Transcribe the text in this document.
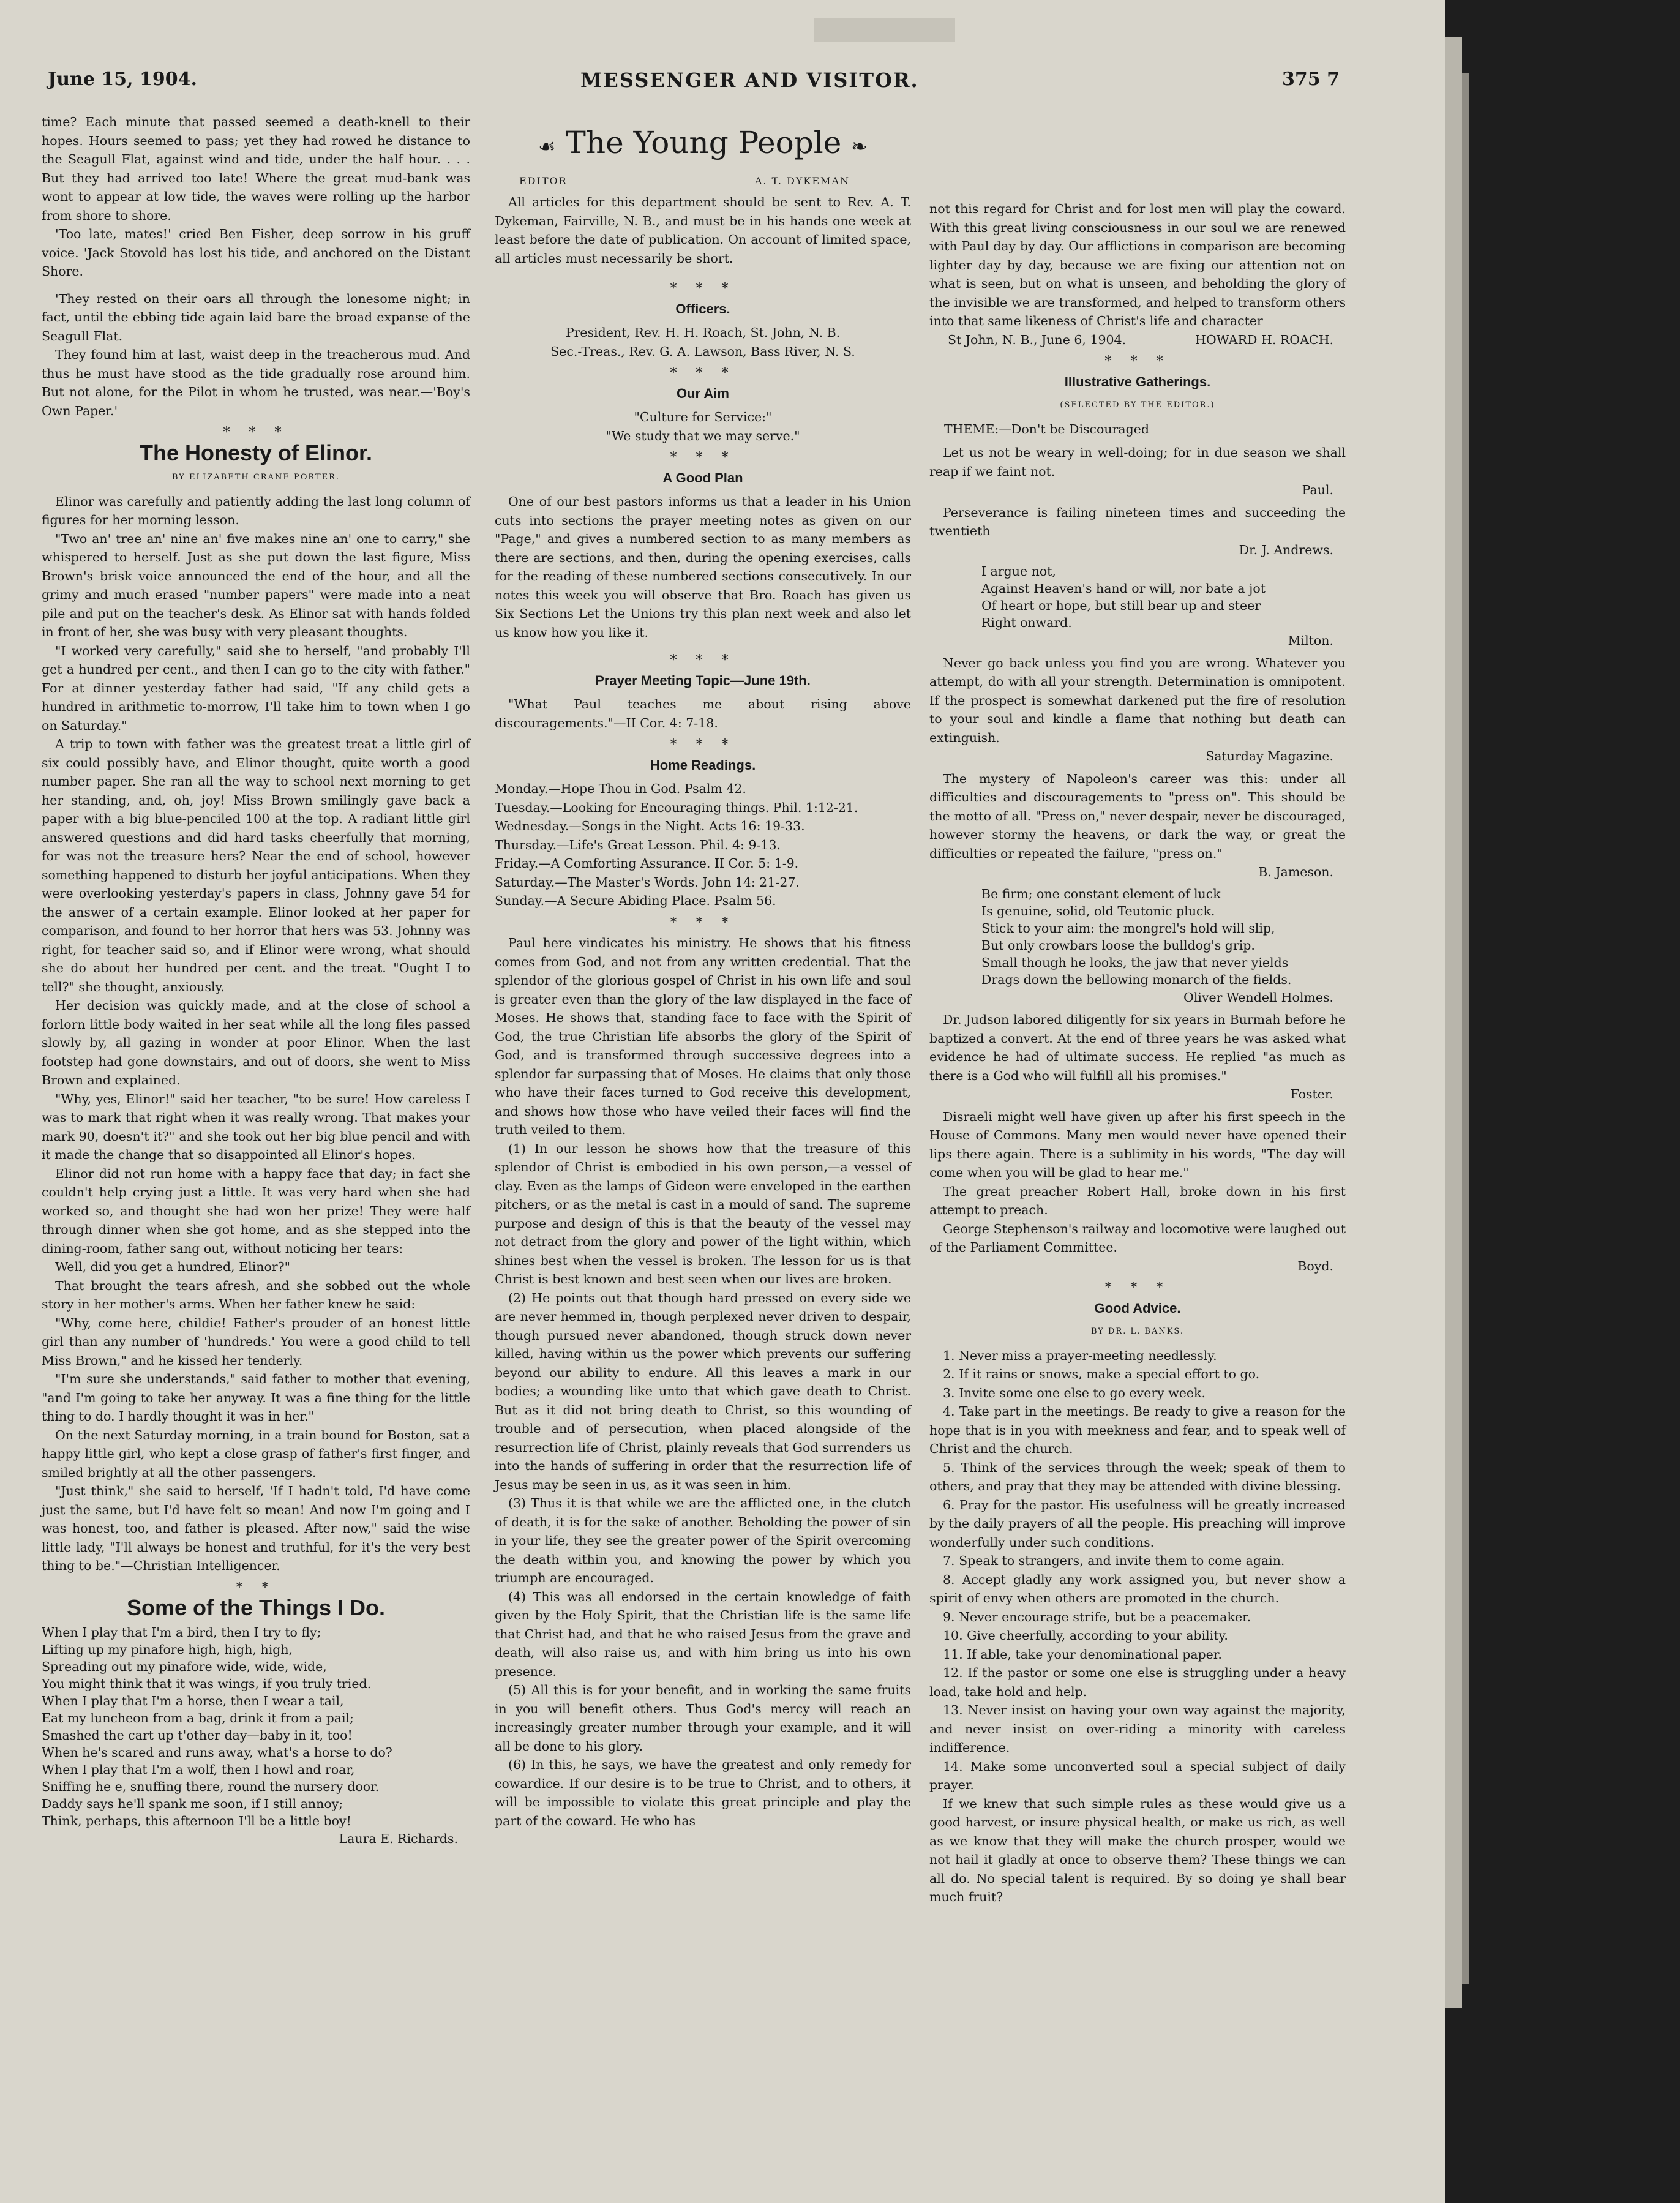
June 15, 1904.	MESSENGER AND VISITOR.	375 7

time? Each minute that passed seemed a death-knell to their hopes. Hours seemed to pass; yet they had rowed he distance to the Seagull Flat, against wind and tide, under the half hour. . . . But they had arrived too late! Where the great mud-bank was wont to appear at low tide, the waves were rolling up the harbor from shore to shore.

'Too late, mates!' cried Ben Fisher, deep sorrow in his gruff voice. 'Jack Stovold has lost his tide, and anchored on the Distant Shore.

'They rested on their oars all through the lonesome night; in fact, until the ebbing tide again laid bare the broad expanse of the Seagull Flat.

They found him at last, waist deep in the treacherous mud. And thus he must have stood as the tide gradually rose around him. But not alone, for the Pilot in whom he trusted, was near.—'Boy's Own Paper.'

* * *
The Honesty of Elinor.
BY ELIZABETH CRANE PORTER.

Elinor was carefully and patiently adding the last long column of figures for her morning lesson.

"Two an' tree an' nine an' five makes nine an' one to carry," she whispered to herself. Just as she put down the last figure, Miss Brown's brisk voice announced the end of the hour, and all the grimy and much erased "number papers" were made into a neat pile and put on the teacher's desk. As Elinor sat with hands folded in front of her, she was busy with very pleasant thoughts.

"I worked very carefully," said she to herself, "and probably I'll get a hundred per cent., and then I can go to the city with father." For at dinner yesterday father had said, "If any child gets a hundred in arithmetic to-morrow, I'll take him to town when I go on Saturday."

A trip to town with father was the greatest treat a little girl of six could possibly have, and Elinor thought, quite worth a good number paper. She ran all the way to school next morning to get her standing, and, oh, joy! Miss Brown smilingly gave back a paper with a big blue-penciled 100 at the top. A radiant little girl answered questions and did hard tasks cheerfully that morning, for was not the treasure hers? Near the end of school, however something happened to disturb her joyful anticipations. When they were overlooking yesterday's papers in class, Johnny gave 54 for the answer of a certain example. Elinor looked at her paper for comparison, and found to her horror that hers was 53. Johnny was right, for teacher said so, and if Elinor were wrong, what should she do about her hundred per cent. and the treat. "Ought I to tell?" she thought, anxiously.

Her decision was quickly made, and at the close of school a forlorn little body waited in her seat while all the long files passed slowly by, all gazing in wonder at poor Elinor. When the last footstep had gone downstairs, and out of doors, she went to Miss Brown and explained.

"Why, yes, Elinor!" said her teacher, "to be sure! How careless I was to mark that right when it was really wrong. That makes your mark 90, doesn't it?" and she took out her big blue pencil and with it made the change that so disappointed all Elinor's hopes.

Elinor did not run home with a happy face that day; in fact she couldn't help crying just a little. It was very hard when she had worked so, and thought she had won her prize! They were half through dinner when she got home, and as she stepped into the dining-room, father sang out, without noticing her tears:

Well, did you get a hundred, Elinor?"

That brought the tears afresh, and she sobbed out the whole story in her mother's arms. When her father knew he said:

"Why, come here, childie! Father's prouder of an honest little girl than any number of 'hundreds.' You were a good child to tell Miss Brown," and he kissed her tenderly.

"I'm sure she understands," said father to mother that evening, "and I'm going to take her anyway. It was a fine thing for the little thing to do. I hardly thought it was in her."

On the next Saturday morning, in a train bound for Boston, sat a happy little girl, who kept a close grasp of father's first finger, and smiled brightly at all the other passengers.

"Just think," she said to herself, 'If I hadn't told, I'd have come just the same, but I'd have felt so mean! And now I'm going and I was honest, too, and father is pleased. After now," said the wise little lady, "I'll always be honest and truthful, for it's the very best thing to be."—Christian Intelligencer.

* *
Some of the Things I Do.
When I play that I'm a bird, then I try to fly;
Lifting up my pinafore high, high, high,
Spreading out my pinafore wide, wide, wide,
You might think that it was wings, if you truly tried.
When I play that I'm a horse, then I wear a tail,
Eat my luncheon from a bag, drink it from a pail;
Smashed the cart up t'other day—baby in it, too!
When he's scared and runs away, what's a horse to do?
When I play that I'm a wolf, then I howl and roar,
Sniffing he e, snuffing there, round the nursery door.
Daddy says he'll spank me soon, if I still annoy;
Think, perhaps, this afternoon I'll be a little boy!
Laura E. Richards.
☙ The Young People ❧
EDITOR	A. T. DYKEMAN

All articles for this department should be sent to Rev. A. T. Dykeman, Fairville, N. B., and must be in his hands one week at least before the date of publication. On account of limited space, all articles must necessarily be short.

* * *
Officers.
President, Rev. H. H. Roach, St. John, N. B.
Sec.-Treas., Rev. G. A. Lawson, Bass River, N. S.
* * *
Our Aim
"Culture for Service:"
"We study that we may serve."
* * *
A Good Plan

One of our best pastors informs us that a leader in his Union cuts into sections the prayer meeting notes as given on our "Page," and gives a numbered section to as many members as there are sections, and then, during the opening exercises, calls for the reading of these numbered sections consecutively. In our notes this week you will observe that Bro. Roach has given us Six Sections Let the Unions try this plan next week and also let us know how you like it.

* * *
Prayer Meeting Topic—June 19th.

"What Paul teaches me about rising above discouragements."—II Cor. 4: 7-18.

* * *
Home Readings.
Monday.—Hope Thou in God. Psalm 42.
Tuesday.—Looking for Encouraging things. Phil. 1:12-21.
Wednesday.—Songs in the Night. Acts 16: 19-33.
Thursday.—Life's Great Lesson. Phil. 4: 9-13.
Friday.—A Comforting Assurance. II Cor. 5: 1-9.
Saturday.—The Master's Words. John 14: 21-27.
Sunday.—A Secure Abiding Place. Psalm 56.
* * *

Paul here vindicates his ministry. He shows that his fitness comes from God, and not from any written credential. That the splendor of the glorious gospel of Christ in his own life and soul is greater even than the glory of the law displayed in the face of Moses. He shows that, standing face to face with the Spirit of God, the true Christian life absorbs the glory of the Spirit of God, and is transformed through successive degrees into a splendor far surpassing that of Moses. He claims that only those who have their faces turned to God receive this development, and shows how those who have veiled their faces will find the truth veiled to them.

(1) In our lesson he shows how that the treasure of this splendor of Christ is embodied in his own person,—a vessel of clay. Even as the lamps of Gideon were enveloped in the earthen pitchers, or as the metal is cast in a mould of sand. The supreme purpose and design of this is that the beauty of the vessel may not detract from the glory and power of the light within, which shines best when the vessel is broken. The lesson for us is that Christ is best known and best seen when our lives are broken.

(2) He points out that though hard pressed on every side we are never hemmed in, though perplexed never driven to despair, though pursued never abandoned, though struck down never killed, having within us the power which prevents our suffering beyond our ability to endure. All this leaves a mark in our bodies; a wounding like unto that which gave death to Christ. But as it did not bring death to Christ, so this wounding of trouble and of persecution, when placed alongside of the resurrection life of Christ, plainly reveals that God surrenders us into the hands of suffering in order that the resurrection life of Jesus may be seen in us, as it was seen in him.

(3) Thus it is that while we are the afflicted one, in the clutch of death, it is for the sake of another. Beholding the power of sin in your life, they see the greater power of the Spirit overcoming the death within you, and knowing the power by which you triumph are encouraged.

(4) This was all endorsed in the certain knowledge of faith given by the Holy Spirit, that the Christian life is the same life that Christ had, and that he who raised Jesus from the grave and death, will also raise us, and with him bring us into his own presence.

(5) All this is for your benefit, and in working the same fruits in you will benefit others. Thus God's mercy will reach an increasingly greater number through your example, and it will all be done to his glory.

(6) In this, he says, we have the greatest and only remedy for cowardice. If our desire is to be true to Christ, and to others, it will be impossible to violate this great principle and play the part of the coward. He who has

not this regard for Christ and for lost men will play the coward. With this great living consciousness in our soul we are renewed with Paul day by day. Our afflictions in comparison are becoming lighter day by day, because we are fixing our attention not on what is seen, but on what is unseen, and beholding the glory of the invisible we are transformed, and helped to transform others into that same likeness of Christ's life and character

St John, N. B., June 6, 1904.	HOWARD H. ROACH.
* * *
Illustrative Gatherings.
(SELECTED BY THE EDITOR.)
THEME:—Don't be Discouraged

Let us not be weary in well-doing; for in due season we shall reap if we faint not.

Paul.

Perseverance is failing nineteen times and succeeding the twentieth

Dr. J. Andrews.
I argue not,
Against Heaven's hand or will, nor bate a jot
Of heart or hope, but still bear up and steer
Right onward.
Milton.

Never go back unless you find you are wrong. Whatever you attempt, do with all your strength. Determination is omnipotent. If the prospect is somewhat darkened put the fire of resolution to your soul and kindle a flame that nothing but death can extinguish.

Saturday Magazine.

The mystery of Napoleon's career was this: under all difficulties and discouragements to "press on". This should be the motto of all. "Press on," never despair, never be discouraged, however stormy the heavens, or dark the way, or great the difficulties or repeated the failure, "press on."

B. Jameson.
Be firm; one constant element of luck
Is genuine, solid, old Teutonic pluck.
Stick to your aim: the mongrel's hold will slip,
But only crowbars loose the bulldog's grip.
Small though he looks, the jaw that never yields
Drags down the bellowing monarch of the fields.
Oliver Wendell Holmes.

Dr. Judson labored diligently for six years in Burmah before he baptized a convert. At the end of three years he was asked what evidence he had of ultimate success. He replied "as much as there is a God who will fulfill all his promises."

Foster.

Disraeli might well have given up after his first speech in the House of Commons. Many men would never have opened their lips there again. There is a sublimity in his words, "The day will come when you will be glad to hear me."

The great preacher Robert Hall, broke down in his first attempt to preach.

George Stephenson's railway and locomotive were laughed out of the Parliament Committee.

Boyd.
* * *
Good Advice.
BY DR. L. BANKS.

1. Never miss a prayer-meeting needlessly.

2. If it rains or snows, make a special effort to go.

3. Invite some one else to go every week.

4. Take part in the meetings. Be ready to give a reason for the hope that is in you with meekness and fear, and to speak well of Christ and the church.

5. Think of the services through the week; speak of them to others, and pray that they may be attended with divine blessing.

6. Pray for the pastor. His usefulness will be greatly increased by the daily prayers of all the people. His preaching will improve wonderfully under such conditions.

7. Speak to strangers, and invite them to come again.

8. Accept gladly any work assigned you, but never show a spirit of envy when others are promoted in the church.

9. Never encourage strife, but be a peacemaker.

10. Give cheerfully, according to your ability.

11. If able, take your denominational paper.

12. If the pastor or some one else is struggling under a heavy load, take hold and help.

13. Never insist on having your own way against the majority, and never insist on over-riding a minority with careless indifference.

14. Make some unconverted soul a special subject of daily prayer.

If we knew that such simple rules as these would give us a good harvest, or insure physical health, or make us rich, as well as we know that they will make the church prosper, would we not hail it gladly at once to observe them? These things we can all do. No special talent is required. By so doing ye shall bear much fruit?
